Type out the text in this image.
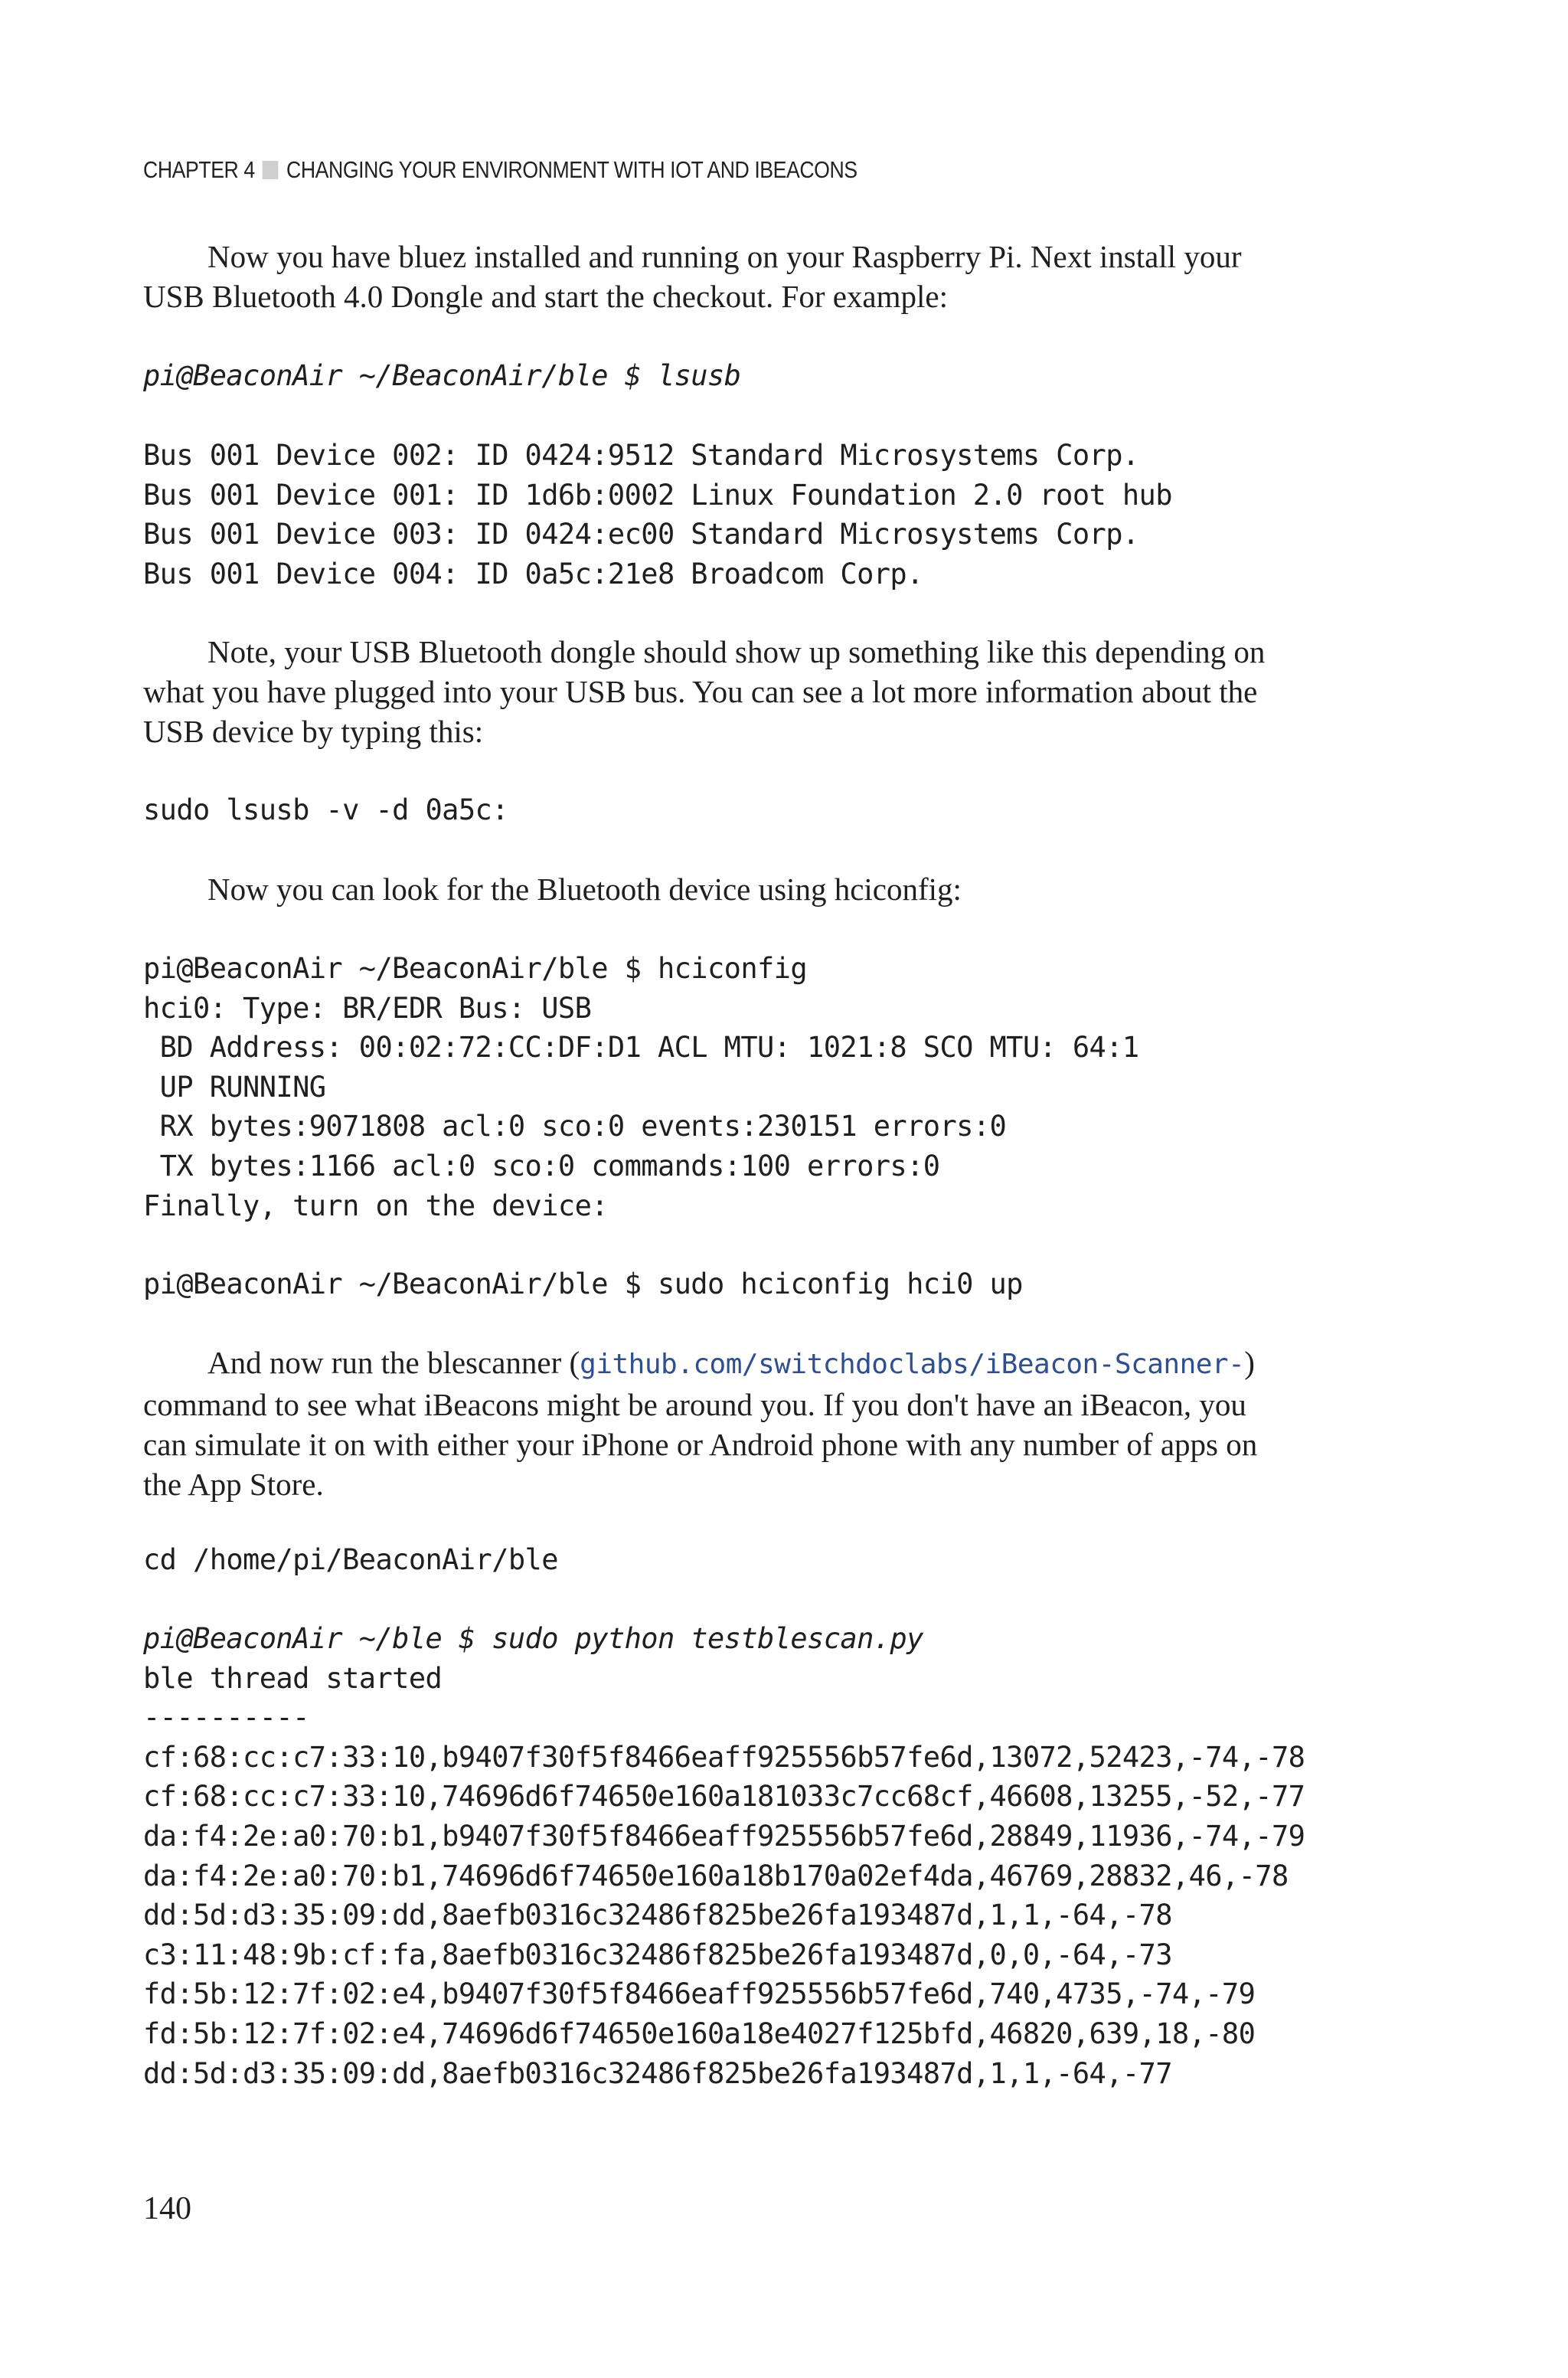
CHAPTER 4 CHANGING YOUR ENVIRONMENT WITH IOT AND IBEACONS

Now you have bluez installed and running on your Raspberry Pi. Next install your
USB Bluetooth 4.0 Dongle and start the checkout. For example:

pi@BeaconAir ~/BeaconAir/ble $ lsusb
Bus 001 Device 002: ID 0424:9512 Standard Microsystems Corp.
Bus 001 Device 001: ID 1d6b:0002 Linux Foundation 2.0 root hub
Bus 001 Device 003: ID 0424:ec00 Standard Microsystems Corp.
Bus 001 Device 004: ID 0a5c:21e8 Broadcom Corp.

Note, your USB Bluetooth dongle should show up something like this depending on
what you have plugged into your USB bus. You can see a lot more information about the
USB device by typing this:

sudo lsusb -v -d 0a5c:

Now you can look for the Bluetooth device using hciconfig:

pi@BeaconAir ~/BeaconAir/ble $ hciconfig
hci0: Type: BR/EDR Bus: USB
BD Address: 00:02:72:CC:DF:D1 ACL MTU: 1021:8 SCO MTU: 64:1
UP RUNNING
RX bytes:9071808 acl:0 sco:0 events:230151 errors:0
TX bytes:1166 acl:0 sco:0 commands:100 errors:0
Finally, turn on the device:
pi@BeaconAir ~/BeaconAir/ble $ sudo hciconfig hci0 up

And now run the blescanner (github.com/switchdoclabs/iBeacon-Scanner-)
command to see what iBeacons might be around you. If you don't have an iBeacon, you
can simulate it on with either your iPhone or Android phone with any number of apps on
the App Store.

cd /home/pi/BeaconAir/ble
pi@BeaconAir ~/ble $ sudo python testblescan.py
ble thread started
----------
cf:68:cc:c7:33:10,b9407f30f5f8466eaff925556b57fe6d,13072,52423,-74,-78
cf:68:cc:c7:33:10,74696d6f74650e160a181033c7cc68cf,46608,13255,-52,-77
da:f4:2e:a0:70:b1,b9407f30f5f8466eaff925556b57fe6d,28849,11936,-74,-79
da:f4:2e:a0:70:b1,74696d6f74650e160a18b170a02ef4da,46769,28832,46,-78
dd:5d:d3:35:09:dd,8aefb0316c32486f825be26fa193487d,1,1,-64,-78
c3:11:48:9b:cf:fa,8aefb0316c32486f825be26fa193487d,0,0,-64,-73
fd:5b:12:7f:02:e4,b9407f30f5f8466eaff925556b57fe6d,740,4735,-74,-79
fd:5b:12:7f:02:e4,74696d6f74650e160a18e4027f125bfd,46820,639,18,-80
dd:5d:d3:35:09:dd,8aefb0316c32486f825be26fa193487d,1,1,-64,-77
140
